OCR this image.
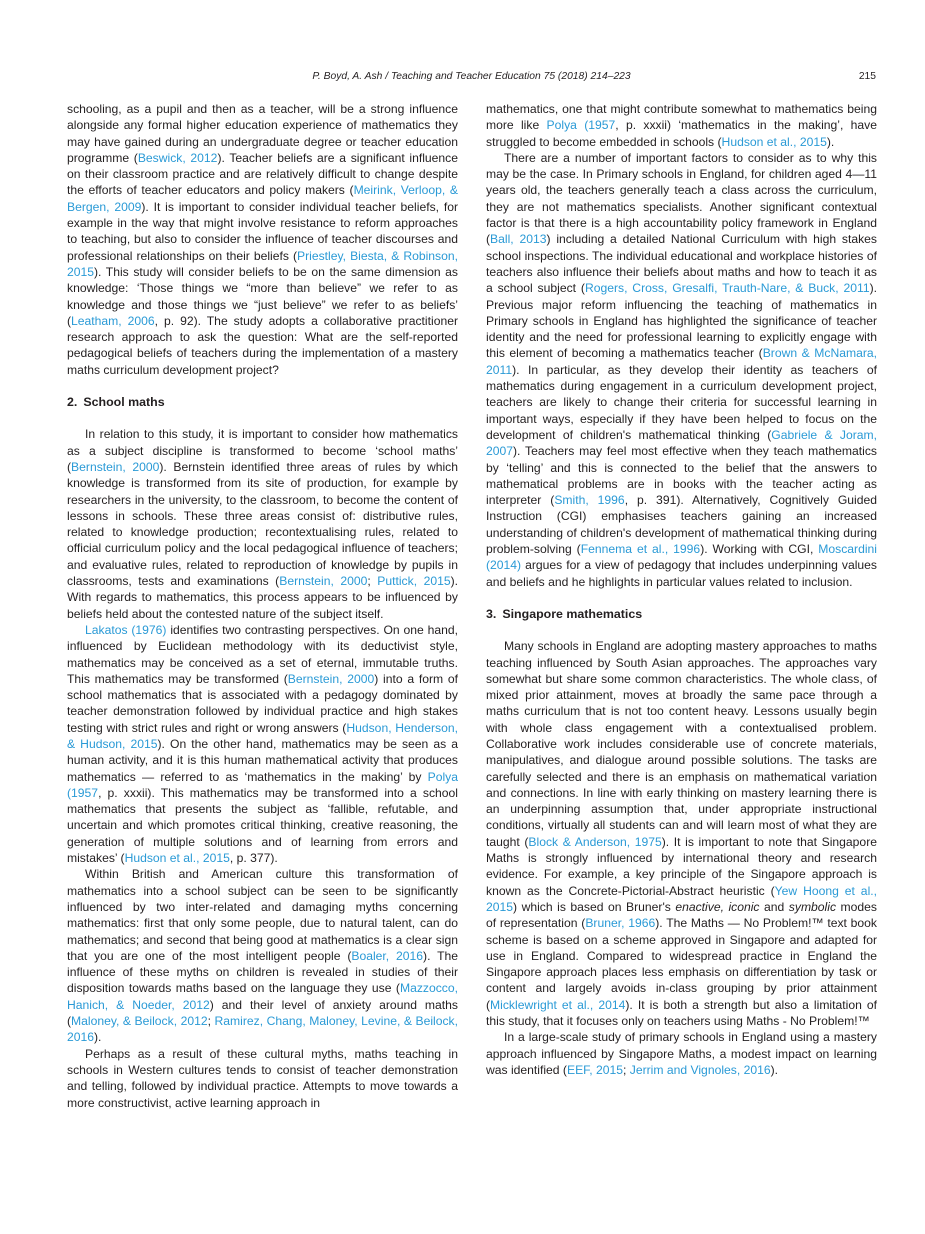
P. Boyd, A. Ash / Teaching and Teacher Education 75 (2018) 214–223	215

schooling, as a pupil and then as a teacher, will be a strong influence alongside any formal higher education experience of mathematics they may have gained during an undergraduate degree or teacher education programme (Beswick, 2012). Teacher beliefs are a significant influence on their classroom practice and are relatively difficult to change despite the efforts of teacher educators and policy makers (Meirink, Verloop, & Bergen, 2009). It is important to consider individual teacher beliefs, for example in the way that might involve resistance to reform approaches to teaching, but also to consider the influence of teacher discourses and professional relationships on their beliefs (Priestley, Biesta, & Robinson, 2015). This study will consider beliefs to be on the same dimension as knowledge: ‘Those things we “more than believe” we refer to as knowledge and those things we “just believe” we refer to as beliefs’ (Leatham, 2006, p. 92). The study adopts a collaborative practitioner research approach to ask the question: What are the self-reported pedagogical beliefs of teachers during the implementation of a mastery maths curriculum development project?

2. School maths

In relation to this study, it is important to consider how mathematics as a subject discipline is transformed to become ‘school maths’ (Bernstein, 2000). Bernstein identified three areas of rules by which knowledge is transformed from its site of production, for example by researchers in the university, to the classroom, to become the content of lessons in schools. These three areas consist of: distributive rules, related to knowledge production; recontextualising rules, related to official curriculum policy and the local pedagogical influence of teachers; and evaluative rules, related to reproduction of knowledge by pupils in classrooms, tests and examinations (Bernstein, 2000; Puttick, 2015). With regards to mathematics, this process appears to be influenced by beliefs held about the contested nature of the subject itself.

Lakatos (1976) identifies two contrasting perspectives. On one hand, influenced by Euclidean methodology with its deductivist style, mathematics may be conceived as a set of eternal, immutable truths. This mathematics may be transformed (Bernstein, 2000) into a form of school mathematics that is associated with a pedagogy dominated by teacher demonstration followed by individual practice and high stakes testing with strict rules and right or wrong answers (Hudson, Henderson, & Hudson, 2015). On the other hand, mathematics may be seen as a human activity, and it is this human mathematical activity that produces mathematics — referred to as ‘mathematics in the making’ by Polya (1957, p. xxxii). This mathematics may be transformed into a school mathematics that presents the subject as ‘fallible, refutable, and uncertain and which promotes critical thinking, creative reasoning, the generation of multiple solutions and of learning from errors and mistakes’ (Hudson et al., 2015, p. 377).

Within British and American culture this transformation of mathematics into a school subject can be seen to be significantly influenced by two inter-related and damaging myths concerning mathematics: first that only some people, due to natural talent, can do mathematics; and second that being good at mathematics is a clear sign that you are one of the most intelligent people (Boaler, 2016). The influence of these myths on children is revealed in studies of their disposition towards maths based on the language they use (Mazzocco, Hanich, & Noeder, 2012) and their level of anxiety around maths (Maloney, & Beilock, 2012; Ramirez, Chang, Maloney, Levine, & Beilock, 2016).

Perhaps as a result of these cultural myths, maths teaching in schools in Western cultures tends to consist of teacher demonstration and telling, followed by individual practice. Attempts to move towards a more constructivist, active learning approach in

mathematics, one that might contribute somewhat to mathematics being more like Polya (1957, p. xxxii) ‘mathematics in the making’, have struggled to become embedded in schools (Hudson et al., 2015).

There are a number of important factors to consider as to why this may be the case. In Primary schools in England, for children aged 4—11 years old, the teachers generally teach a class across the curriculum, they are not mathematics specialists. Another significant contextual factor is that there is a high accountability policy framework in England (Ball, 2013) including a detailed National Curriculum with high stakes school inspections. The individual educational and workplace histories of teachers also influence their beliefs about maths and how to teach it as a school subject (Rogers, Cross, Gresalfi, Trauth-Nare, & Buck, 2011). Previous major reform influencing the teaching of mathematics in Primary schools in England has highlighted the significance of teacher identity and the need for professional learning to explicitly engage with this element of becoming a mathematics teacher (Brown & McNamara, 2011). In particular, as they develop their identity as teachers of mathematics during engagement in a curriculum development project, teachers are likely to change their criteria for successful learning in important ways, especially if they have been helped to focus on the development of children's mathematical thinking (Gabriele & Joram, 2007). Teachers may feel most effective when they teach mathematics by ‘telling’ and this is connected to the belief that the answers to mathematical problems are in books with the teacher acting as interpreter (Smith, 1996, p. 391). Alternatively, Cognitively Guided Instruction (CGI) emphasises teachers gaining an increased understanding of children's development of mathematical thinking during problem-solving (Fennema et al., 1996). Working with CGI, Moscardini (2014) argues for a view of pedagogy that includes underpinning values and beliefs and he highlights in particular values related to inclusion.

3. Singapore mathematics

Many schools in England are adopting mastery approaches to maths teaching influenced by South Asian approaches. The approaches vary somewhat but share some common characteristics. The whole class, of mixed prior attainment, moves at broadly the same pace through a maths curriculum that is not too content heavy. Lessons usually begin with whole class engagement with a contextualised problem. Collaborative work includes considerable use of concrete materials, manipulatives, and dialogue around possible solutions. The tasks are carefully selected and there is an emphasis on mathematical variation and connections. In line with early thinking on mastery learning there is an underpinning assumption that, under appropriate instructional conditions, virtually all students can and will learn most of what they are taught (Block & Anderson, 1975). It is important to note that Singapore Maths is strongly influenced by international theory and research evidence. For example, a key principle of the Singapore approach is known as the Concrete-Pictorial-Abstract heuristic (Yew Hoong et al., 2015) which is based on Bruner's enactive, iconic and symbolic modes of representation (Bruner, 1966). The Maths — No Problem!™ text book scheme is based on a scheme approved in Singapore and adapted for use in England. Compared to widespread practice in England the Singapore approach places less emphasis on differentiation by task or content and largely avoids in-class grouping by prior attainment (Micklewright et al., 2014). It is both a strength but also a limitation of this study, that it focuses only on teachers using Maths - No Problem!™

In a large-scale study of primary schools in England using a mastery approach influenced by Singapore Maths, a modest impact on learning was identified (EEF, 2015; Jerrim and Vignoles, 2016).
